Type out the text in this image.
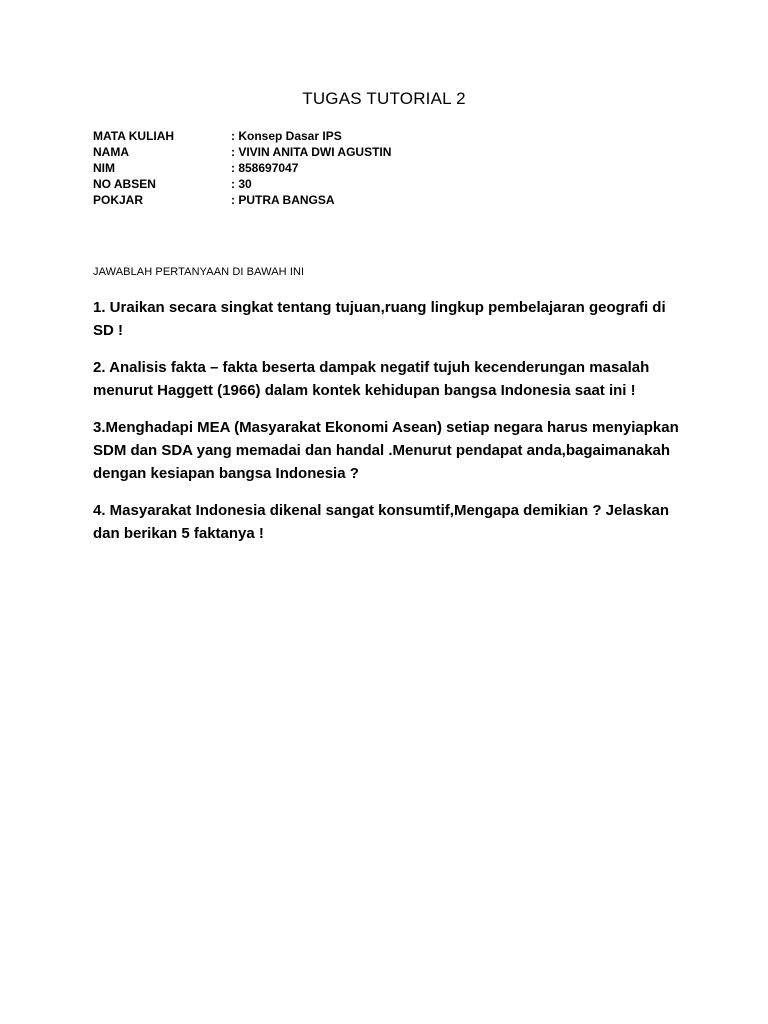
TUGAS TUTORIAL 2
MATA KULIAH	: Konsep Dasar IPS
NAMA	: VIVIN ANITA DWI AGUSTIN
NIM	: 858697047
NO ABSEN	: 30
POKJAR	: PUTRA BANGSA

JAWABLAH PERTANYAAN DI BAWAH INI

1. Uraikan secara singkat tentang tujuan,ruang lingkup pembelajaran geografi di SD !
2. Analisis fakta – fakta beserta dampak negatif tujuh kecenderungan masalah menurut Haggett (1966) dalam kontek kehidupan bangsa Indonesia saat ini !
3.Menghadapi MEA (Masyarakat Ekonomi Asean) setiap negara harus menyiapkan SDM dan SDA yang memadai dan handal .Menurut pendapat anda,bagaimanakah dengan kesiapan bangsa Indonesia ?
4. Masyarakat Indonesia dikenal sangat konsumtif,Mengapa demikian ? Jelaskan dan berikan 5 faktanya !
